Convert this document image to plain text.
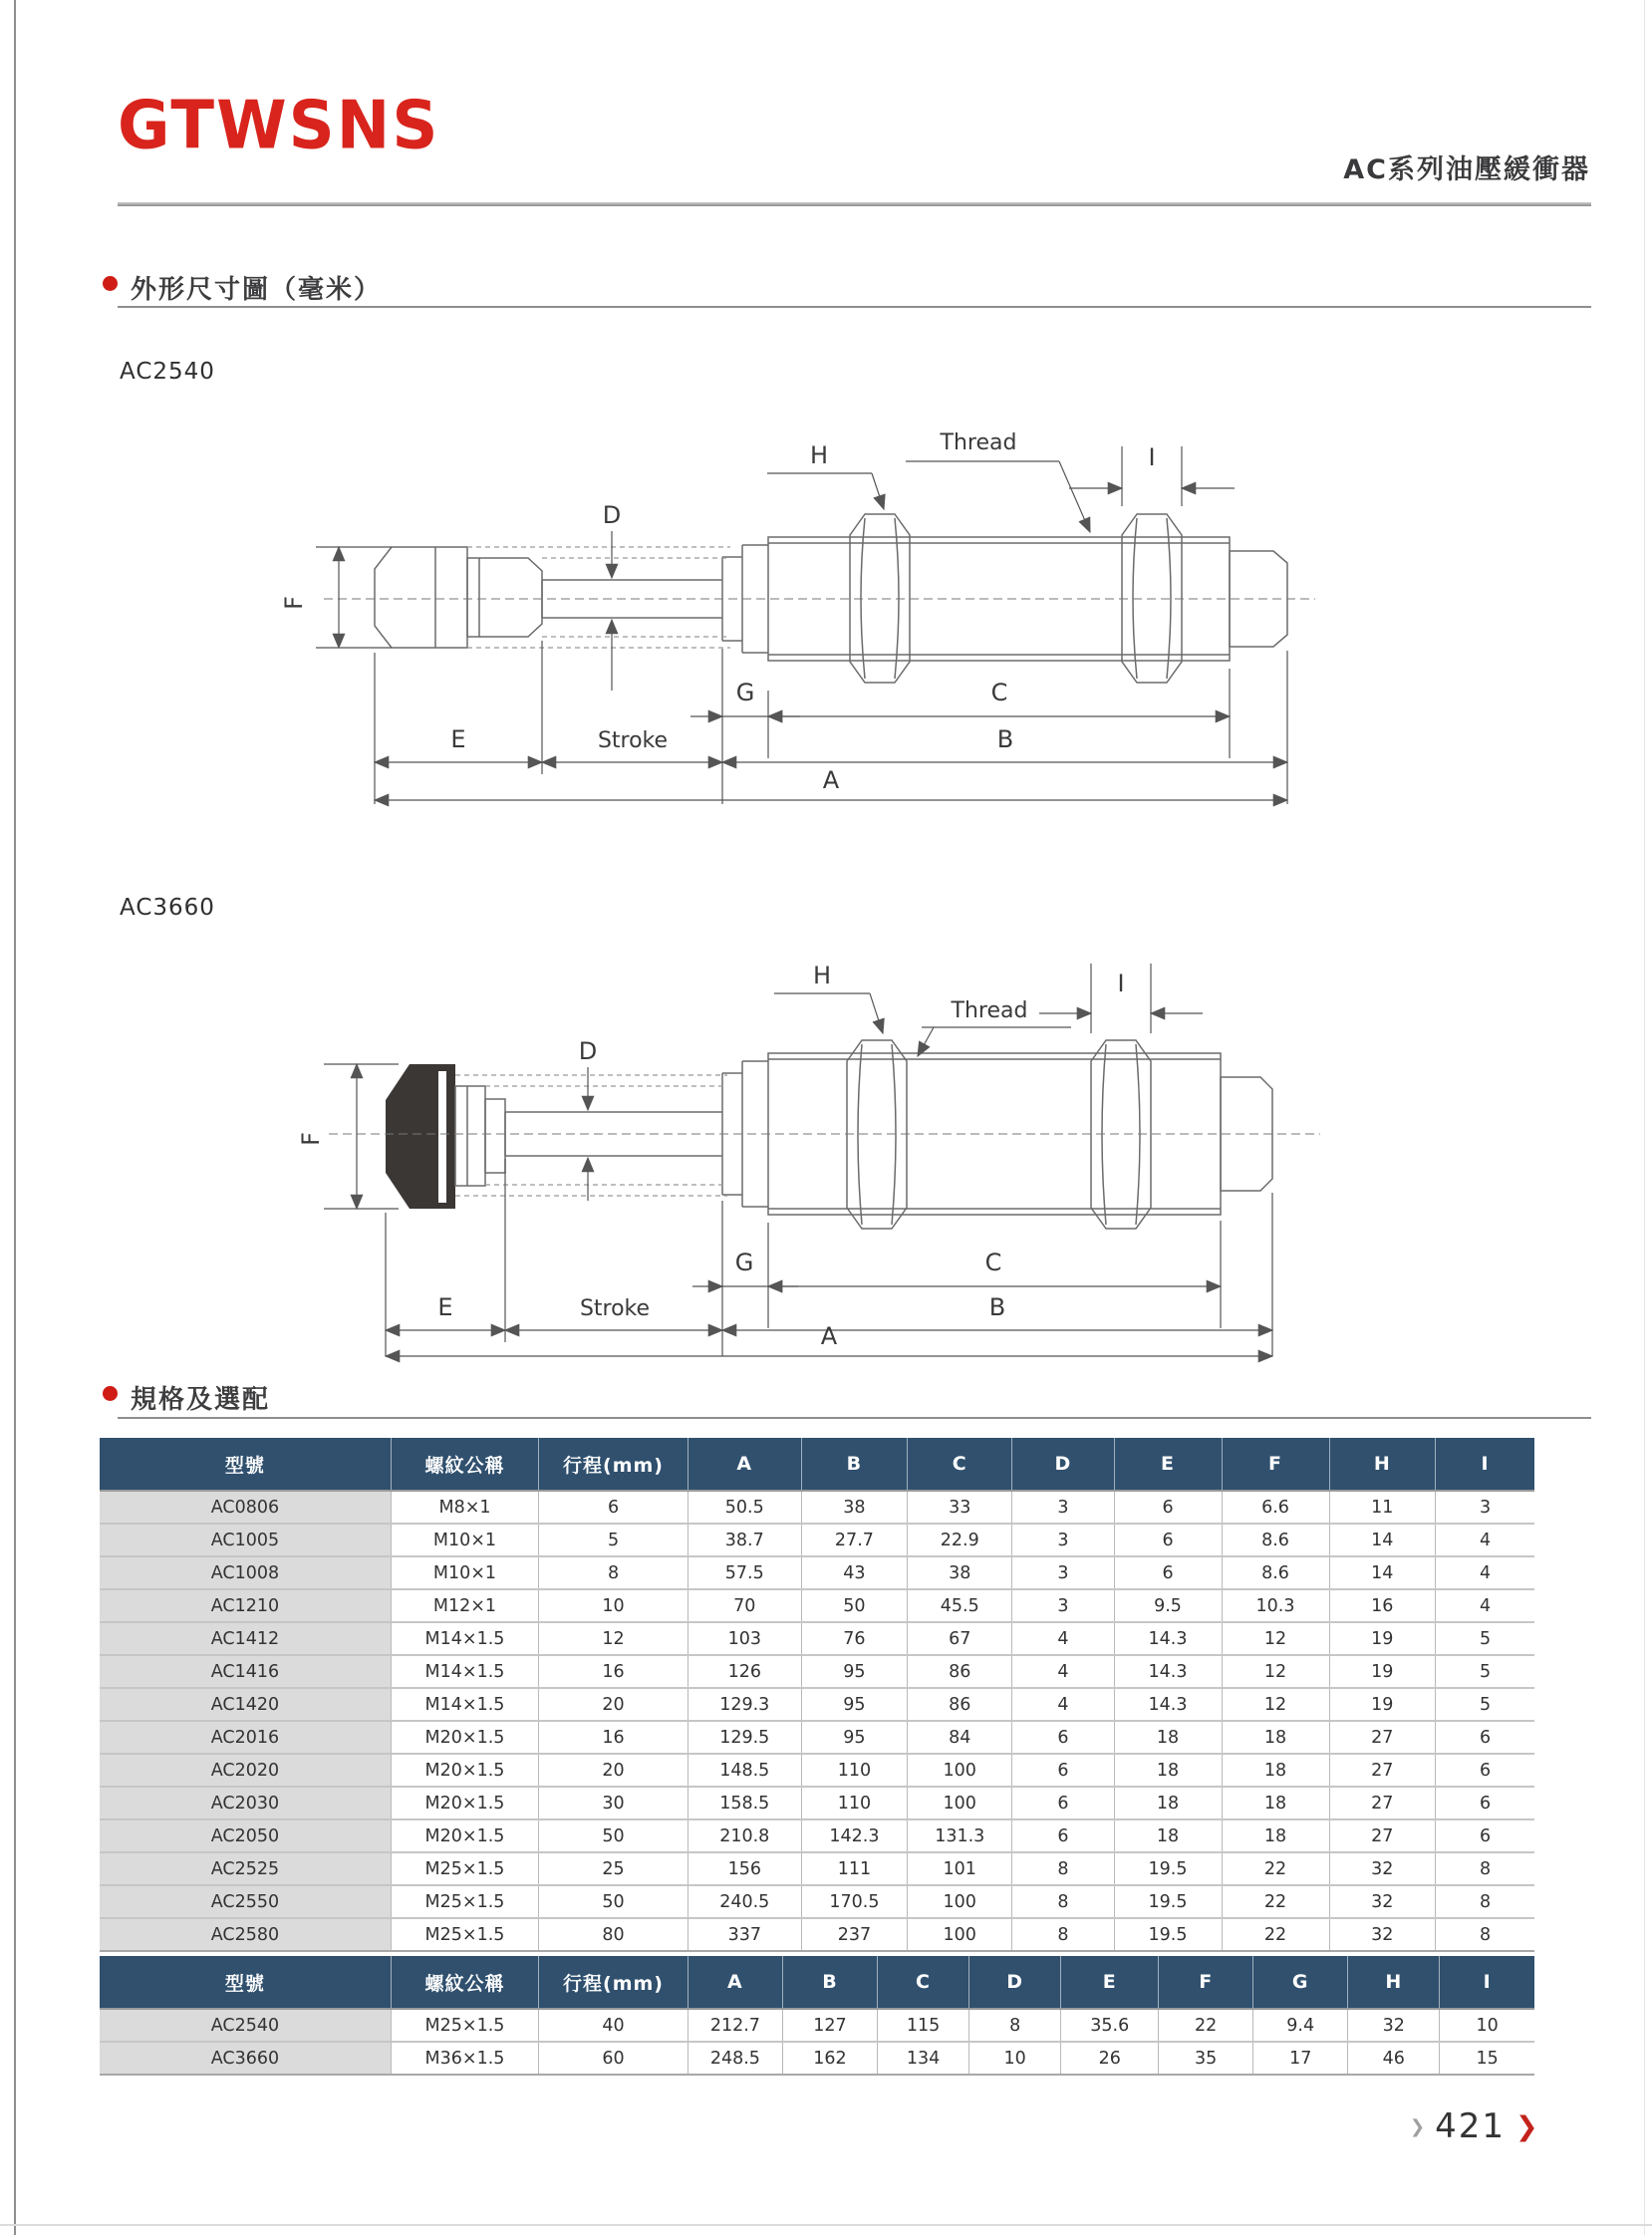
GTWSNS
AC系列油壓緩衝器
外形尺寸圖（毫米）
AC2540
F
D
H	Thread
I
G	C
E	Stroke	B
A
AC3660
F
D
H
Thread
I
G	C
E	Stroke	B
A
規格及選配
型號	螺紋公稱	行程(mm)	A	B	C	D	E	F	H	I
AC0806	M8×1	6	50.5	38	33	3	6	6.6	11	3
AC1005	M10×1	5	38.7	27.7	22.9	3	6	8.6	14	4
AC1008	M10×1	8	57.5	43	38	3	6	8.6	14	4
AC1210	M12×1	10	70	50	45.5	3	9.5	10.3	16	4
AC1412	M14×1.5	12	103	76	67	4	14.3	12	19	5
AC1416	M14×1.5	16	126	95	86	4	14.3	12	19	5
AC1420	M14×1.5	20	129.3	95	86	4	14.3	12	19	5
AC2016	M20×1.5	16	129.5	95	84	6	18	18	27	6
AC2020	M20×1.5	20	148.5	110	100	6	18	18	27	6
AC2030	M20×1.5	30	158.5	110	100	6	18	18	27	6
AC2050	M20×1.5	50	210.8	142.3	131.3	6	18	18	27	6
AC2525	M25×1.5	25	156	111	101	8	19.5	22	32	8
AC2550	M25×1.5	50	240.5	170.5	100	8	19.5	22	32	8
AC2580	M25×1.5	80	337	237	100	8	19.5	22	32	8
型號	螺紋公稱	行程(mm)	A	B	C	D	E	F	G	H	I
AC2540	M25×1.5	40	212.7	127	115	8	35.6	22	9.4	32	10
AC3660	M36×1.5	60	248.5	162	134	10	26	35	17	46	15
❯ 421 ❯
